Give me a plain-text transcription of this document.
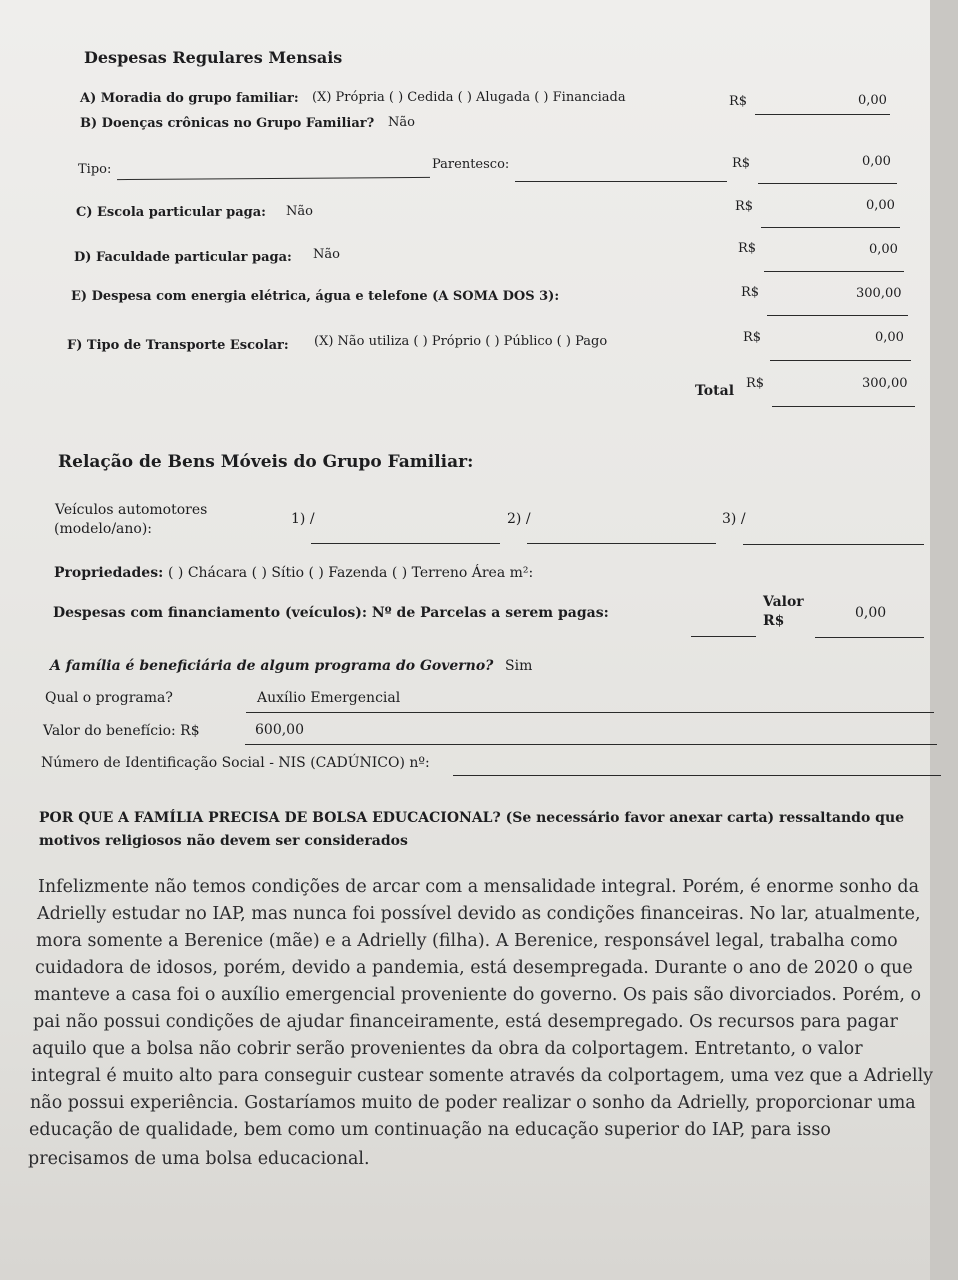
Despesas Regulares Mensais
A) Moradia do grupo familiar: (X) Própria ( ) Cedida ( ) Alugada ( ) Financiada	R$	0,00
B) Doenças crônicas no Grupo Familiar? Não
Tipo:	Parentesco:	R$	0,00
C) Escola particular paga: Não	R$	0,00
D) Faculdade particular paga: Não	R$	0,00
E) Despesa com energia elétrica, água e telefone (A SOMA DOS 3):	R$	300,00
F) Tipo de Transporte Escolar: (X) Não utiliza ( ) Próprio ( ) Público ( ) Pago	R$	0,00
Total R$	300,00
Relação de Bens Móveis do Grupo Familiar:
Veículos automotores
(modelo/ano):
1) /	2) /	3) /
Propriedades: ( ) Chácara ( ) Sítio ( ) Fazenda ( ) Terreno Área m²:
Despesas com financiamento (veículos): Nº de Parcelas a serem pagas:
Valor
R$	0,00
A família é beneficiária de algum programa do Governo? Sim
Qual o programa?	Auxílio Emergencial
Valor do benefício: R$	600,00
Número de Identificação Social - NIS (CADÚNICO) nº:
POR QUE A FAMÍLIA PRECISA DE BOLSA EDUCACIONAL? (Se necessário favor anexar carta) ressaltando que
motivos religiosos não devem ser considerados
Infelizmente não temos condições de arcar com a mensalidade integral. Porém, é enorme sonho da
Adrielly estudar no IAP, mas nunca foi possível devido as condições financeiras. No lar, atualmente,
mora somente a Berenice (mãe) e a Adrielly (filha). A Berenice, responsável legal, trabalha como
cuidadora de idosos, porém, devido a pandemia, está desempregada. Durante o ano de 2020 o que
manteve a casa foi o auxílio emergencial proveniente do governo. Os pais são divorciados. Porém, o
pai não possui condições de ajudar financeiramente, está desempregado. Os recursos para pagar
aquilo que a bolsa não cobrir serão provenientes da obra da colportagem. Entretanto, o valor
integral é muito alto para conseguir custear somente através da colportagem, uma vez que a Adrielly
não possui experiência. Gostaríamos muito de poder realizar o sonho da Adrielly, proporcionar uma
educação de qualidade, bem como um continuação na educação superior do IAP, para isso
precisamos de uma bolsa educacional.
